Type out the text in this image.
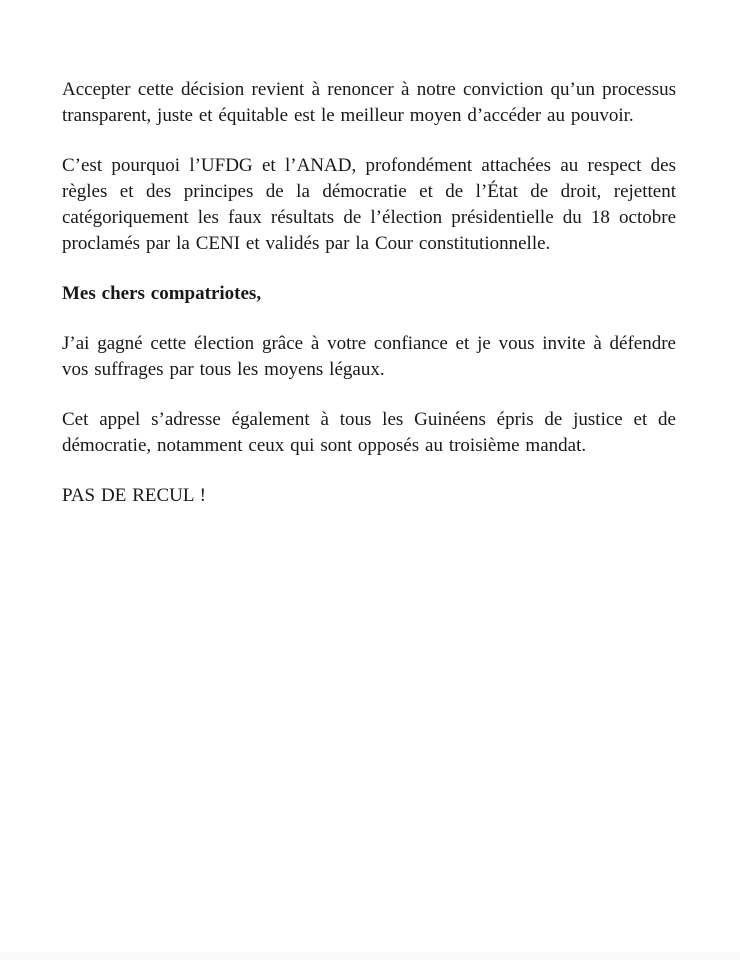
Accepter cette décision revient à renoncer à notre conviction qu’un processus transparent, juste et équitable est le meilleur moyen d’accéder au pouvoir.

C’est pourquoi l’UFDG et l’ANAD, profondément attachées au respect des règles et des principes de la démocratie et de l’État de droit, rejettent catégoriquement les faux résultats de l’élection présidentielle du 18 octobre proclamés par la CENI et validés par la Cour constitutionnelle.

Mes chers compatriotes,

J’ai gagné cette élection grâce à votre confiance et je vous invite à défendre vos suffrages par tous les moyens légaux.

Cet appel s’adresse également à tous les Guinéens épris de justice et de démocratie, notamment ceux qui sont opposés au troisième mandat.

PAS DE RECUL !
